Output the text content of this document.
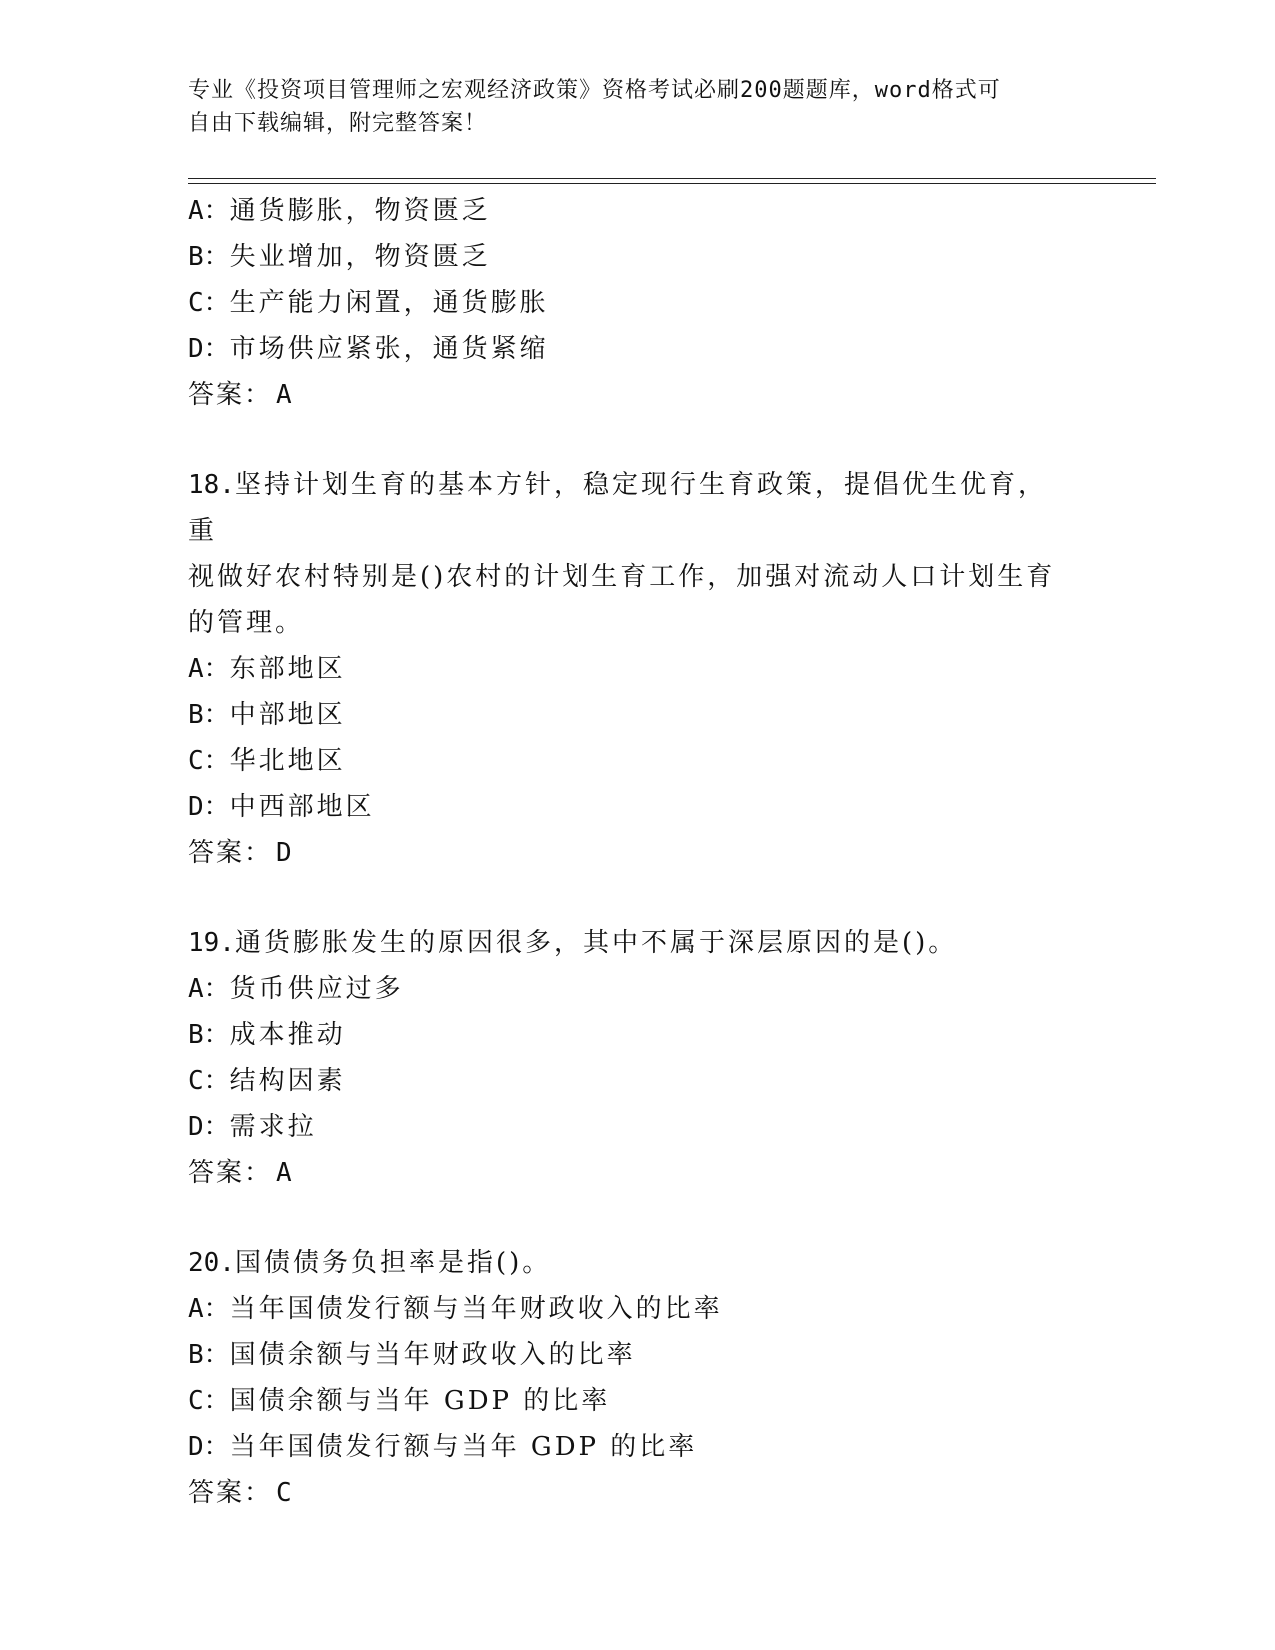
专业《投资项目管理师之宏观经济政策》资格考试必刷200题题库，word格式可
自由下载编辑，附完整答案！
A：通货膨胀，物资匮乏
B：失业增加，物资匮乏
C：生产能力闲置，通货膨胀
D：市场供应紧张，通货紧缩
答案： A
18.坚持计划生育的基本方针，稳定现行生育政策，提倡优生优育，重
视做好农村特别是()农村的计划生育工作，加强对流动人口计划生育
的管理。
A：东部地区
B：中部地区
C：华北地区
D：中西部地区
答案： D
19.通货膨胀发生的原因很多，其中不属于深层原因的是()。
A：货币供应过多
B：成本推动
C：结构因素
D：需求拉
答案： A
20.国债债务负担率是指()。
A：当年国债发行额与当年财政收入的比率
B：国债余额与当年财政收入的比率
C：国债余额与当年 GDP 的比率
D：当年国债发行额与当年 GDP 的比率
答案： C
